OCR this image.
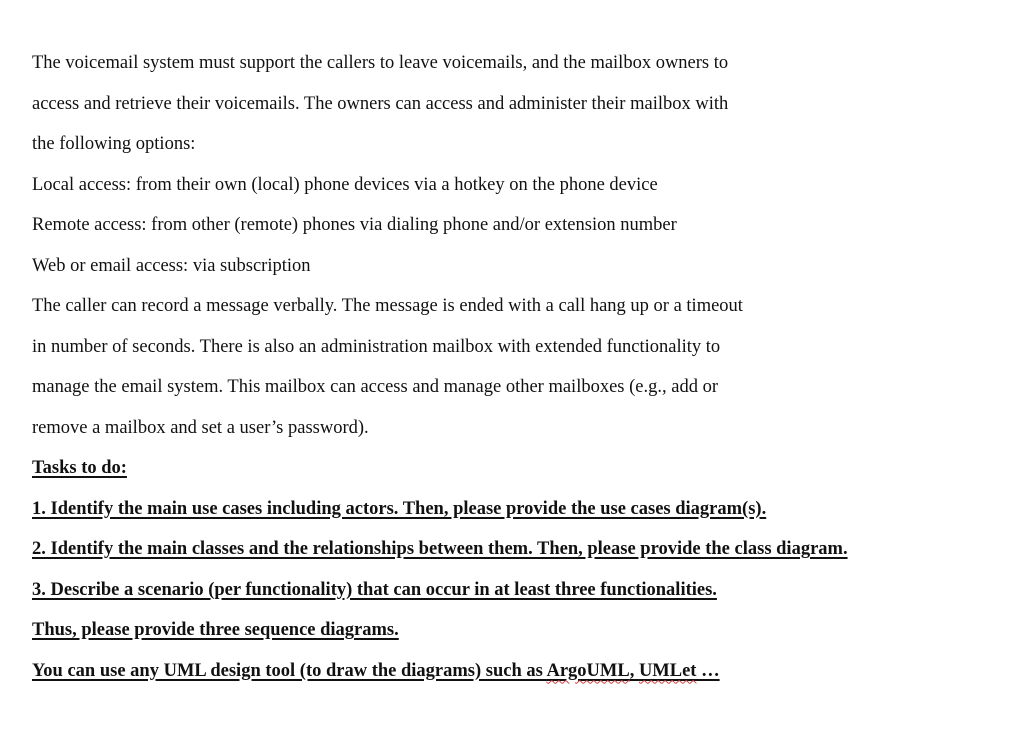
The voicemail system must support the callers to leave voicemails, and the mailbox owners to
access and retrieve their voicemails. The owners can access and administer their mailbox with
the following options:
Local access: from their own (local) phone devices via a hotkey on the phone device
Remote access: from other (remote) phones via dialing phone and/or extension number
Web or email access: via subscription
The caller can record a message verbally. The message is ended with a call hang up or a timeout
in number of seconds. There is also an administration mailbox with extended functionality to
manage the email system. This mailbox can access and manage other mailboxes (e.g., add or
remove a mailbox and set a user’s password).
Tasks to do:
1. Identify the main use cases including actors. Then, please provide the use cases diagram(s).
2. Identify the main classes and the relationships between them. Then, please provide the class diagram.
3. Describe a scenario (per functionality) that can occur in at least three functionalities.
Thus, please provide three sequence diagrams.
You can use any UML design tool (to draw the diagrams) such as ArgoUML, UMLet …
